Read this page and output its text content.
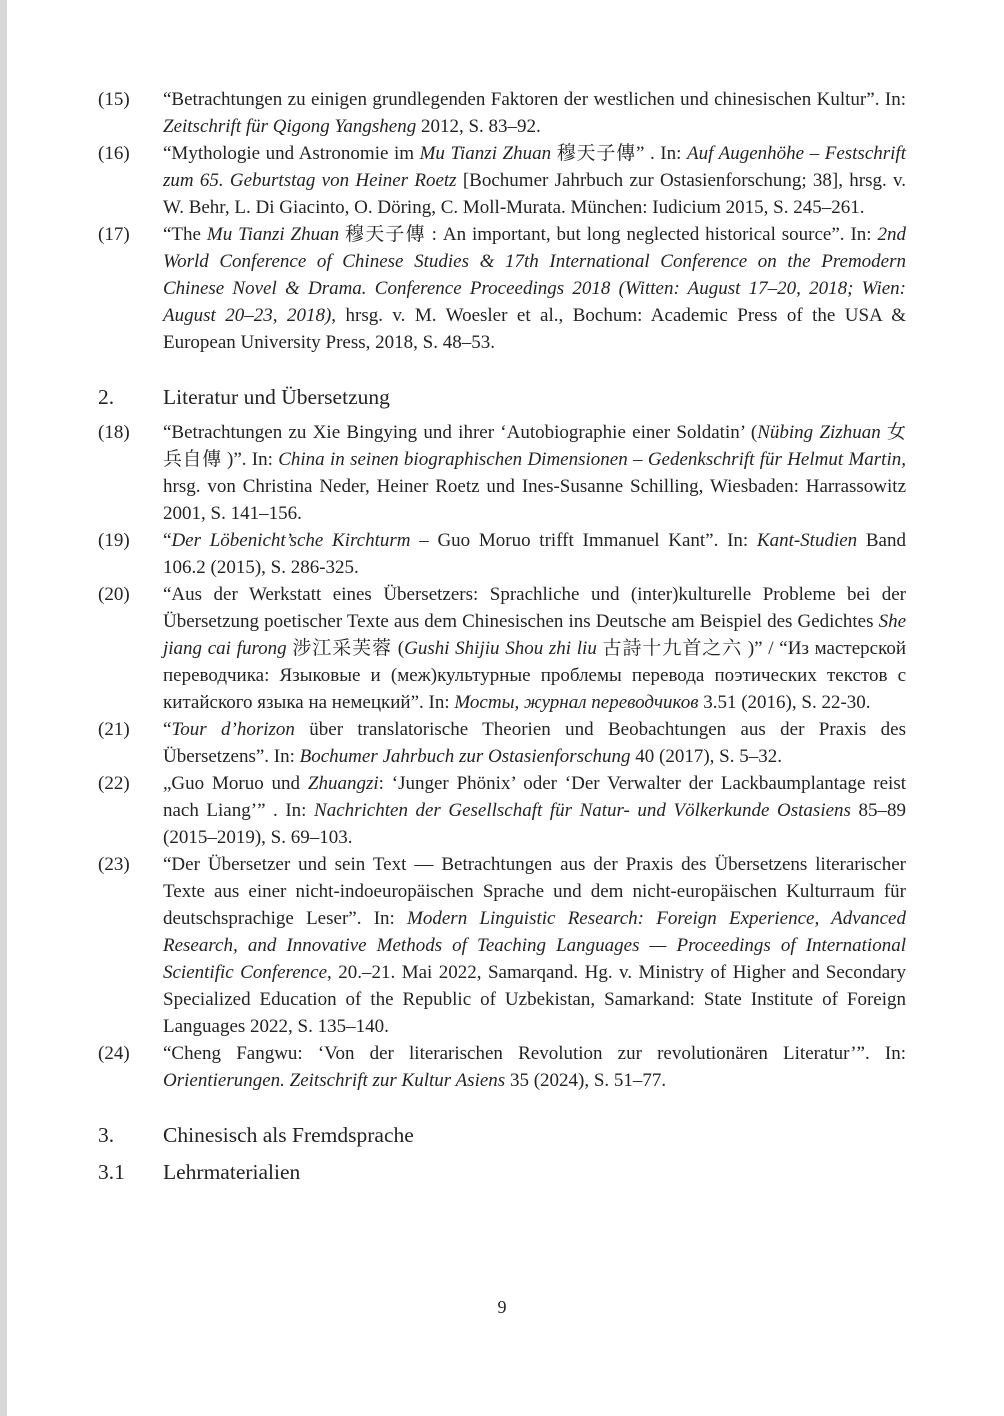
(15)	“Betrachtungen zu einigen grundlegenden Faktoren der westlichen und chinesischen Kultur”. In: Zeitschrift für Qigong Yangsheng 2012, S. 83–92.
(16)	“Mythologie und Astronomie im Mu Tianzi Zhuan 穆天子傳” . In: Auf Augenhöhe – Festschrift zum 65. Geburtstag von Heiner Roetz [Bochumer Jahrbuch zur Ostasienforschung; 38], hrsg. v. W. Behr, L. Di Giacinto, O. Döring, C. Moll-Murata. München: Iudicium 2015, S. 245–261.
(17)	“The Mu Tianzi Zhuan 穆天子傳 : An important, but long neglected historical source”. In: 2nd World Conference of Chinese Studies & 17th International Conference on the Premodern Chinese Novel & Drama. Conference Proceedings 2018 (Witten: August 17–20, 2018; Wien: August 20–23, 2018), hrsg. v. M. Woesler et al., Bochum: Academic Press of the USA & European University Press, 2018, S. 48–53.
2.	Literatur und Übersetzung
(18)	“Betrachtungen zu Xie Bingying und ihrer ‘Autobiographie einer Soldatin’ (Nübing Zizhuan 女兵自傳 )”. In: China in seinen biographischen Dimensionen – Gedenkschrift für Helmut Martin, hrsg. von Christina Neder, Heiner Roetz und Ines-Susanne Schilling, Wiesbaden: Harrassowitz 2001, S. 141–156.
(19)	“Der Löbenicht’sche Kirchturm – Guo Moruo trifft Immanuel Kant”. In: Kant-Studien Band 106.2 (2015), S. 286-325.
(20)	“Aus der Werkstatt eines Übersetzers: Sprachliche und (inter)kulturelle Probleme bei der Übersetzung poetischer Texte aus dem Chinesischen ins Deutsche am Beispiel des Gedichtes She jiang cai furong 涉江采芙蓉 (Gushi Shijiu Shou zhi liu 古詩十九首之六 )” / “Из мастерской переводчика: Языковые и (меж)культурные проблемы перевода поэтических текстов с китайского языка на немецкий”. In: Мосты, журнал переводчиков 3.51 (2016), S. 22-30.
(21)	“Tour d’horizon über translatorische Theorien und Beobachtungen aus der Praxis des Übersetzens”. In: Bochumer Jahrbuch zur Ostasienforschung 40 (2017), S. 5–32.
(22)	„Guo Moruo und Zhuangzi: ‘Junger Phönix’ oder ‘Der Verwalter der Lackbaumplantage reist nach Liang’” . In: Nachrichten der Gesellschaft für Natur- und Völkerkunde Ostasiens 85–89 (2015–2019), S. 69–103.
(23)	“Der Übersetzer und sein Text — Betrachtungen aus der Praxis des Übersetzens literarischer Texte aus einer nicht-indoeuropäischen Sprache und dem nicht-europäischen Kulturraum für deutschsprachige Leser”. In: Modern Linguistic Research: Foreign Experience, Advanced Research, and Innovative Methods of Teaching Languages — Proceedings of International Scientific Conference, 20.–21. Mai 2022, Samarqand. Hg. v. Ministry of Higher and Secondary Specialized Education of the Republic of Uzbekistan, Samarkand: State Institute of Foreign Languages 2022, S. 135–140.
(24)	“Cheng Fangwu: ‘Von der literarischen Revolution zur revolutionären Literatur’”. In: Orientierungen. Zeitschrift zur Kultur Asiens 35 (2024), S. 51–77.
3.	Chinesisch als Fremdsprache
3.1	Lehrmaterialien
9
